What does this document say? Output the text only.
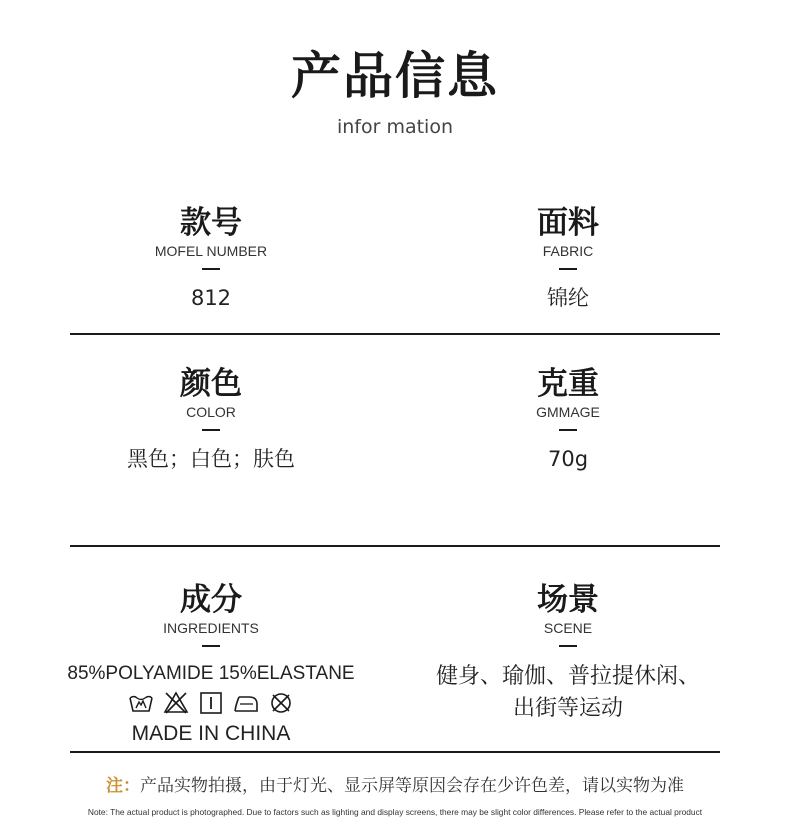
产品信息
infor mation
款号
MOFEL NUMBER
812
面料
FABRIC
锦纶
颜色
COLOR
黑色；白色；肤色
克重
GMMAGE
70g
成分
INGREDIENTS
85%POLYAMIDE 15%ELASTANE
MADE IN CHINA
场景
SCENE
健身、瑜伽、普拉提休闲、
出街等运动
注：产品实物拍摄，由于灯光、显示屏等原因会存在少许色差，请以实物为准
Note: The actual product is photographed. Due to factors such as lighting and display screens, there may be slight color differences. Please refer to the actual product
